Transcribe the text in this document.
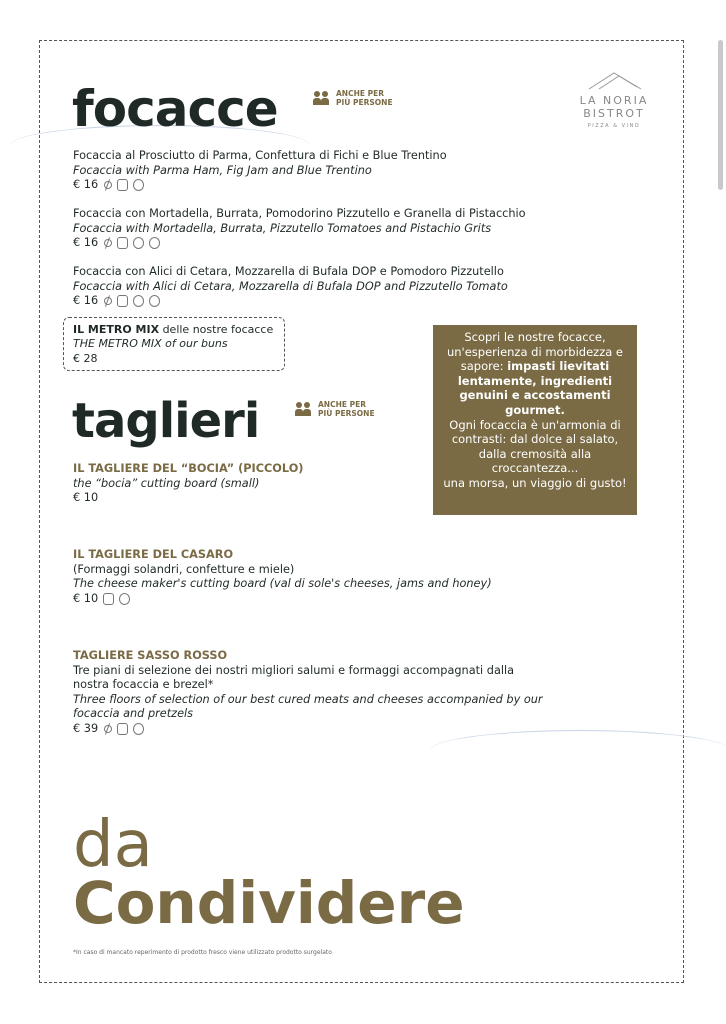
LA NORIA
BISTROT
PIZZA & VINO
focacce	ANCHE PER
PIÙ PERSONE
Focaccia al Prosciutto di Parma, Confettura di Fichi e Blue Trentino
Focaccia with Parma Ham, Fig Jam and Blue Trentino
€ 16
Focaccia con Mortadella, Burrata, Pomodorino Pizzutello e Granella di Pistacchio
Focaccia with Mortadella, Burrata, Pizzutello Tomatoes and Pistachio Grits
€ 16
Focaccia con Alici di Cetara, Mozzarella di Bufala DOP e Pomodoro Pizzutello
Focaccia with Alici di Cetara, Mozzarella di Bufala DOP and Pizzutello Tomato
€ 16
IL METRO MIX delle nostre focacce
THE METRO MIX of our buns
€ 28
Scopri le nostre focacce, un'esperienza di morbidezza e sapore: impasti lievitati lentamente, ingredienti genuini e accostamenti gourmet.
Ogni focaccia è un'armonia di contrasti: dal dolce al salato, dalla cremosità alla croccantezza...
una morsa, un viaggio di gusto!
taglieri	ANCHE PER
PIÙ PERSONE
IL TAGLIERE DEL “BOCIA” (PICCOLO)
the “bocia” cutting board (small)
€ 10
IL TAGLIERE DEL CASARO
(Formaggi solandri, confetture e miele)
The cheese maker's cutting board (val di sole's cheeses, jams and honey)
€ 10
TAGLIERE SASSO ROSSO
Tre piani di selezione dei nostri migliori salumi e formaggi accompagnati dalla nostra focaccia e brezel*
Three floors of selection of our best cured meats and cheeses accompanied by our focaccia and pretzels
€ 39
da
Condividere
*In caso di mancato reperimento di prodotto fresco viene utilizzato prodotto surgelato
